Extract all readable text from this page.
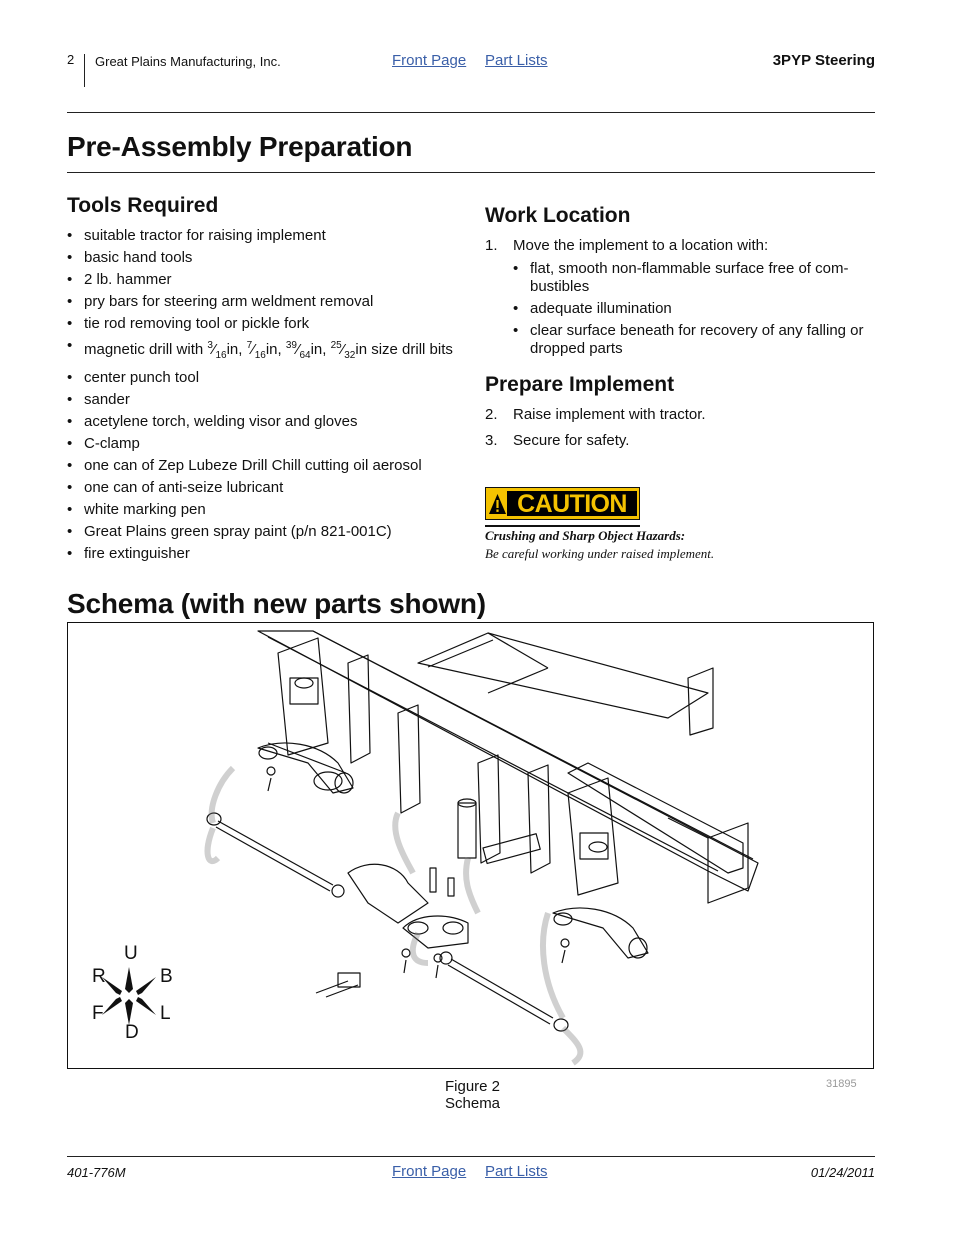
2 Great Plains Manufacturing, Inc.	Front Page Part Lists	3PYP Steering
Pre-Assembly Preparation
Tools Required
• suitable tractor for raising implement
• basic hand tools
• 2 lb. hammer
• pry bars for steering arm weldment removal
• tie rod removing tool or pickle fork
• magnetic drill with $^3⁄_{16}in$, $^7⁄_{16}in$, $^{39}⁄_{64}in$, $^{25}⁄_{32}in$ size drill bits
• center punch tool
• sander
• acetylene torch, welding visor and gloves
• C-clamp
• one can of Zep Lubeze Drill Chill cutting oil aerosol
• one can of anti-seize lubricant
• white marking pen
• Great Plains green spray paint (p/n 821-001C)
• fire extinguisher
Work Location
1. Move the implement to a location with:
• flat, smooth non-flammable surface free of com-bustibles
• adequate illumination
• clear surface beneath for recovery of any falling or dropped parts
Prepare Implement
2. Raise implement with tractor.
3. Secure for safety.
CAUTION
Crushing and Sharp Object Hazards:
Be careful working under raised implement.
Schema (with new parts shown)
U
D
R	B
F	L
Figure 2
Schema
31895
401-776M	Front Page Part Lists	01/24/2011
